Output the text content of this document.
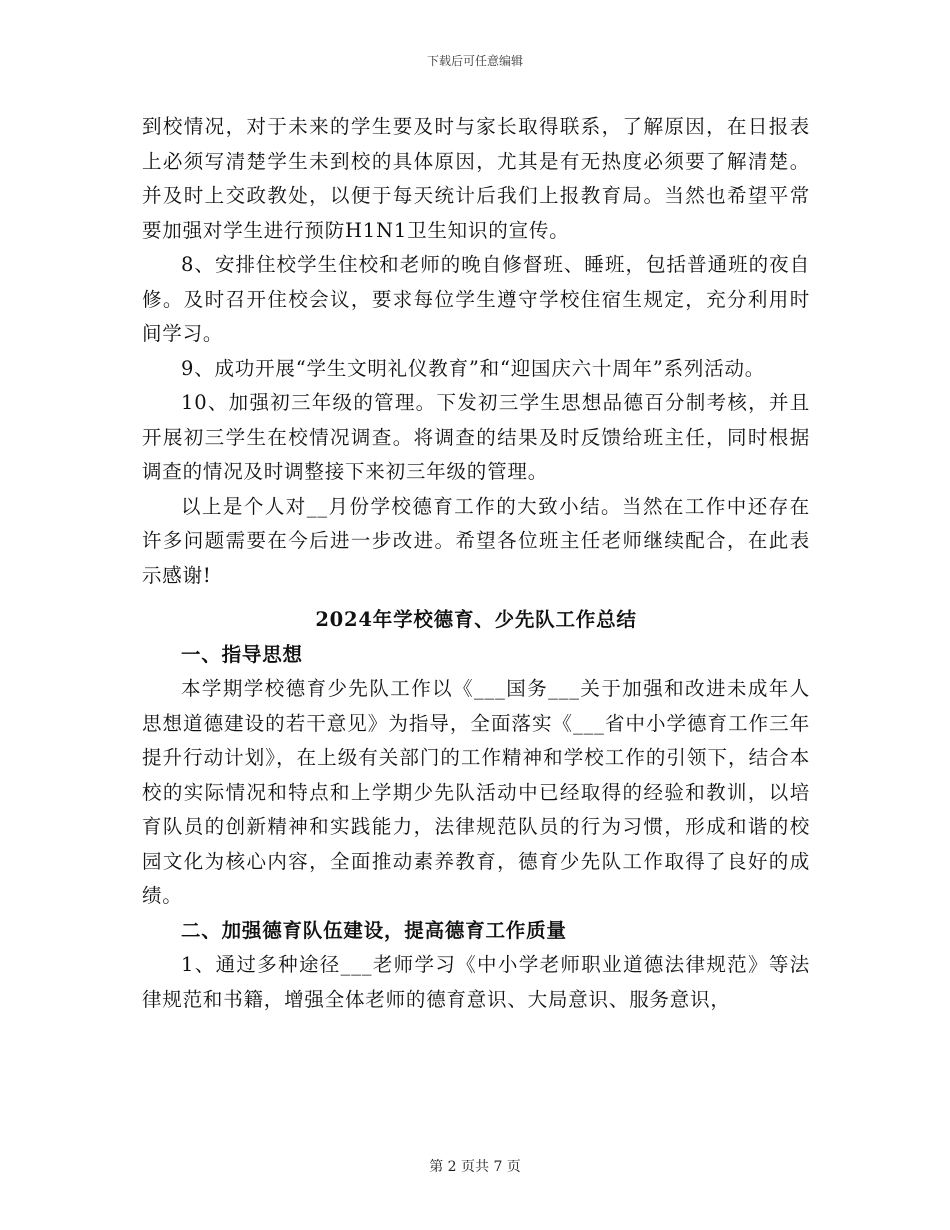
下载后可任意编辑

到校情况，对于未来的学生要及时与家长取得联系，了解原因，在日报表上必须写清楚学生未到校的具体原因，尤其是有无热度必须要了解清楚。并及时上交政教处，以便于每天统计后我们上报教育局。当然也希望平常要加强对学生进行预防H1N1卫生知识的宣传。

8、安排住校学生住校和老师的晚自修督班、睡班，包括普通班的夜自修。及时召开住校会议，要求每位学生遵守学校住宿生规定，充分利用时间学习。

9、成功开展“学生文明礼仪教育”和“迎国庆六十周年”系列活动。

10、加强初三年级的管理。下发初三学生思想品德百分制考核，并且开展初三学生在校情况调查。将调查的结果及时反馈给班主任，同时根据调查的情况及时调整接下来初三年级的管理。

以上是个人对__月份学校德育工作的大致小结。当然在工作中还存在许多问题需要在今后进一步改进。希望各位班主任老师继续配合，在此表示感谢!

2024年学校德育、少先队工作总结

一、指导思想

本学期学校德育少先队工作以《___国务___关于加强和改进未成年人思想道德建设的若干意见》为指导，全面落实《___省中小学德育工作三年提升行动计划》，在上级有关部门的工作精神和学校工作的引领下，结合本校的实际情况和特点和上学期少先队活动中已经取得的经验和教训，以培育队员的创新精神和实践能力，法律规范队员的行为习惯，形成和谐的校园文化为核心内容，全面推动素养教育，德育少先队工作取得了良好的成绩。

二、加强德育队伍建设，提高德育工作质量

1、通过多种途径___老师学习《中小学老师职业道德法律规范》等法律规范和书籍，增强全体老师的德育意识、大局意识、服务意识，

第 2 页共 7 页
